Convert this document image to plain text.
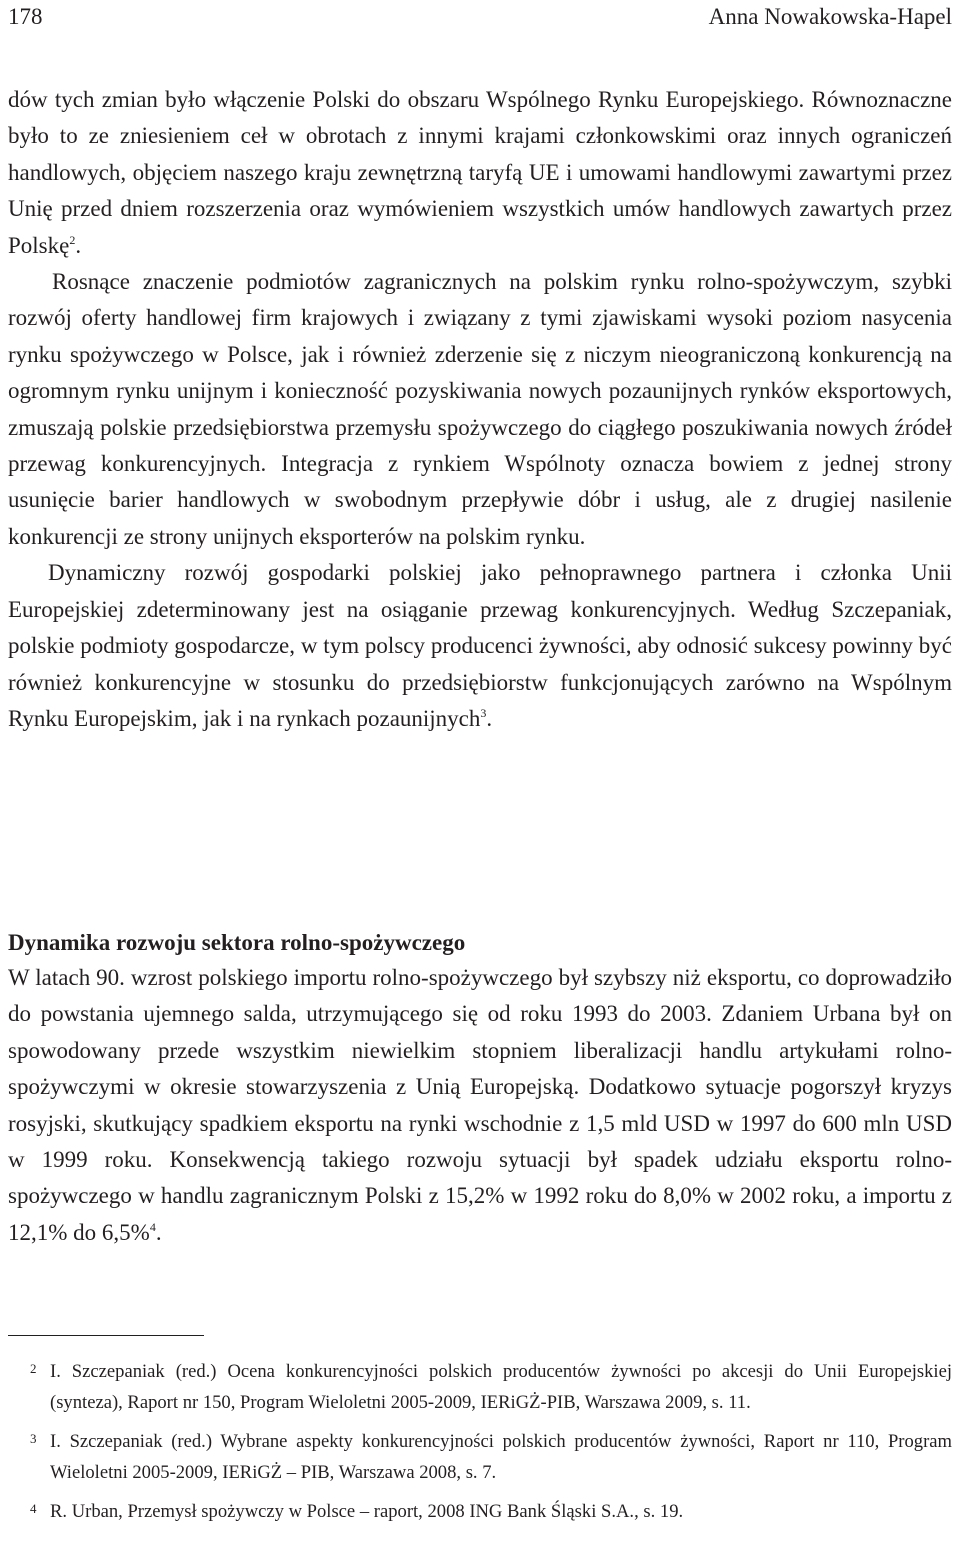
178	Anna Nowakowska-Hapel

dów tych zmian było włączenie Polski do obszaru Wspólnego Rynku Europejskiego. Równoznaczne było to ze zniesieniem ceł w obrotach z innymi krajami członkowskimi oraz innych ograniczeń handlowych, objęciem naszego kraju zewnętrzną taryfą UE i umowami handlowymi zawartymi przez Unię przed dniem rozszerzenia oraz wymówieniem wszystkich umów handlowych zawartych przez Polskę$^2$.

Rosnące znaczenie podmiotów zagranicznych na polskim rynku rolno-spożywczym, szybki rozwój oferty handlowej firm krajowych i związany z tymi zjawiskami wysoki poziom nasycenia rynku spożywczego w Polsce, jak i również zderzenie się z niczym nieograniczoną konkurencją na ogromnym rynku unijnym i konieczność pozyskiwania nowych pozaunijnych rynków eksportowych, zmuszają polskie przedsiębiorstwa przemysłu spożywczego do ciągłego poszukiwania nowych źródeł przewag konkurencyjnych. Integracja z rynkiem Wspólnoty oznacza bowiem z jednej strony usunięcie barier handlowych w swobodnym przepływie dóbr i usług, ale z drugiej nasilenie konkurencji ze strony unijnych eksporterów na polskim rynku.

Dynamiczny rozwój gospodarki polskiej jako pełnoprawnego partnera i członka Unii Europejskiej zdeterminowany jest na osiąganie przewag konkurencyjnych. Według Szczepaniak, polskie podmioty gospodarcze, w tym polscy producenci żywności, aby odnosić sukcesy powinny być również konkurencyjne w stosunku do przedsiębiorstw funkcjonujących zarówno na Wspólnym Rynku Europejskim, jak i na rynkach pozaunijnych$^3$.

Dynamika rozwoju sektora rolno-spożywczego

W latach 90. wzrost polskiego importu rolno-spożywczego był szybszy niż eksportu, co doprowadziło do powstania ujemnego salda, utrzymującego się od roku 1993 do 2003. Zdaniem Urbana był on spowodowany przede wszystkim niewielkim stopniem liberalizacji handlu artykułami rolno-spożywczymi w okresie stowarzyszenia z Unią Europejską. Dodatkowo sytuacje pogorszył kryzys rosyjski, skutkujący spadkiem eksportu na rynki wschodnie z 1,5 mld USD w 1997 do 600 mln USD w 1999 roku. Konsekwencją takiego rozwoju sytuacji był spadek udziału eksportu rolno-spożywczego w handlu zagranicznym Polski z 15,2% w 1992 roku do 8,0% w 2002 roku, a importu z 12,1% do 6,5%$^4$.

2 I. Szczepaniak (red.) Ocena konkurencyjności polskich producentów żywności po akcesji do Unii Europejskiej (synteza), Raport nr 150, Program Wieloletni 2005-2009, IERiGŻ-PIB, Warszawa 2009, s. 11.

3 I. Szczepaniak (red.) Wybrane aspekty konkurencyjności polskich producentów żywności, Raport nr 110, Program Wieloletni 2005-2009, IERiGŻ – PIB, Warszawa 2008, s. 7.

4 R. Urban, Przemysł spożywczy w Polsce – raport, 2008 ING Bank Śląski S.A., s. 19.
